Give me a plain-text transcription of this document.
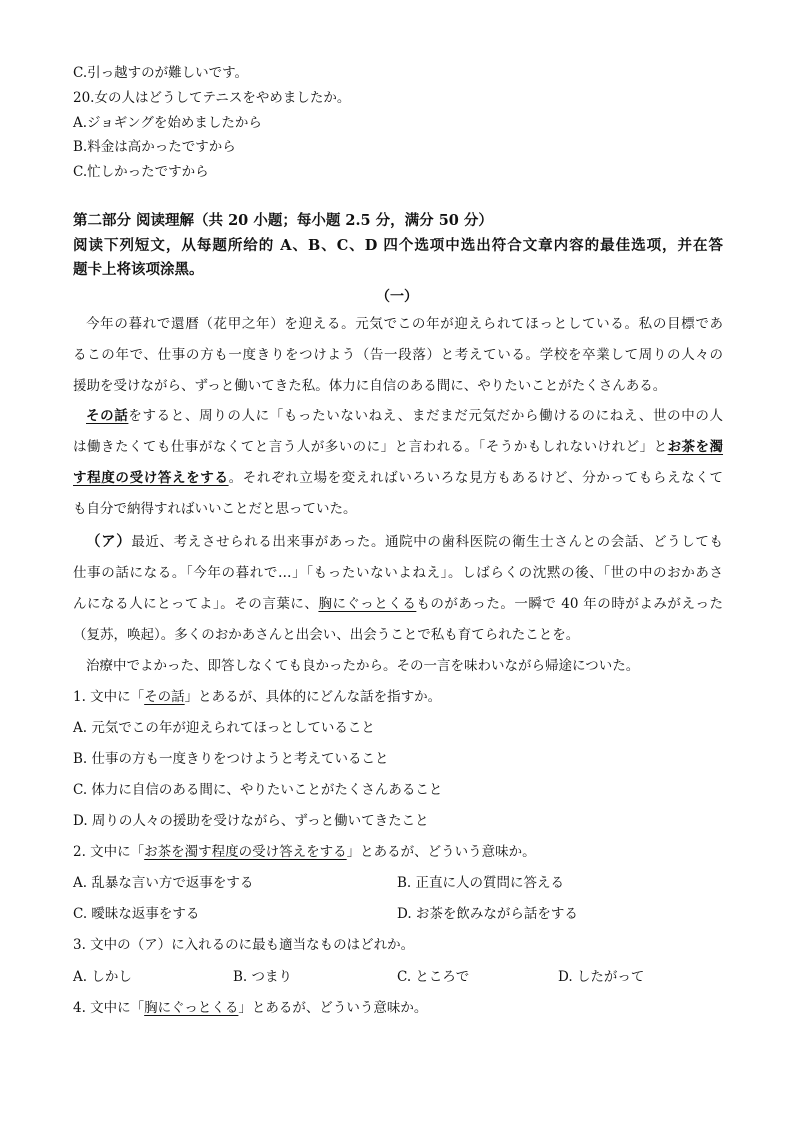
C.引っ越すのが難しいです。
20.女の人はどうしてテニスをやめましたか。
A.ジョギングを始めましたから
B.料金は高かったですから
C.忙しかったですから
第二部分 阅读理解（共 20 小题；每小题 2.5 分，满分 50 分）
阅读下列短文，从每题所给的 A、B、C、D 四个选项中选出符合文章内容的最佳选项，并在答
题卡上将该项涂黑。
（一）
今年の暮れで還暦（花甲之年）を迎える。元気でこの年が迎えられてほっとしている。私の目標であ
るこの年で、仕事の方も一度きりをつけよう（告一段落）と考えている。学校を卒業して周りの人々の
援助を受けながら、ずっと働いてきた私。体力に自信のある間に、やりたいことがたくさんある。
その話をすると、周りの人に「もったいないねえ、まだまだ元気だから働けるのにねえ、世の中の人
は働きたくても仕事がなくてと言う人が多いのに」と言われる。「そうかもしれないけれど」とお茶を濁
す程度の受け答えをする。それぞれ立場を変えればいろいろな見方もあるけど、分かってもらえなくて
も自分で納得すればいいことだと思っていた。
（ア）最近、考えさせられる出来事があった。通院中の歯科医院の衛生士さんとの会話、どうしても
仕事の話になる。「今年の暮れで…」「もったいないよねえ」。しばらくの沈黙の後、「世の中のおかあさ
んになる人にとってよ」。その言葉に、胸にぐっとくるものがあった。一瞬で 40 年の時がよみがえった
（复苏，唤起）。多くのおかあさんと出会い、出会うことで私も育てられたことを。
治療中でよかった、即答しなくても良かったから。その一言を味わいながら帰途についた。
1. 文中に「その話」とあるが、具体的にどんな話を指すか。
A. 元気でこの年が迎えられてほっとしていること
B. 仕事の方も一度きりをつけようと考えていること
C. 体力に自信のある間に、やりたいことがたくさんあること
D. 周りの人々の援助を受けながら、ずっと働いてきたこと
2. 文中に「お茶を濁す程度の受け答えをする」とあるが、どういう意味か。
A. 乱暴な言い方で返事をする	B. 正直に人の質問に答える
C. 曖昧な返事をする	D. お茶を飲みながら話をする
3. 文中の（ア）に入れるのに最も適当なものはどれか。
A. しかし	B. つまり	C. ところで	D. したがって
4. 文中に「胸にぐっとくる」とあるが、どういう意味か。
